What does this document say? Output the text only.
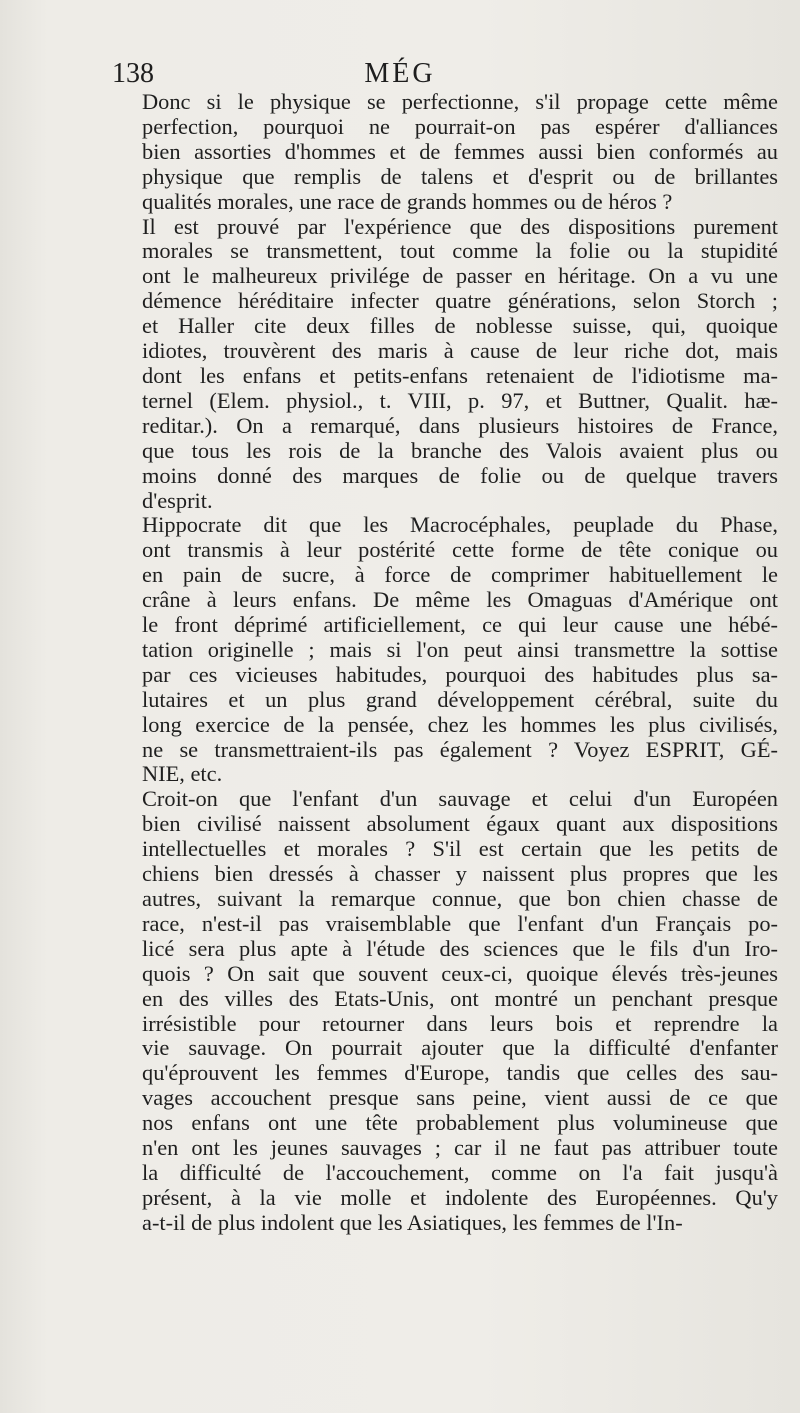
138	MÉG

Donc si le physique se perfectionne, s'il propage cette même
perfection, pourquoi ne pourrait-on pas espérer d'alliances
bien assorties d'hommes et de femmes aussi bien conformés au
physique que remplis de talens et d'esprit ou de brillantes
qualités morales, une race de grands hommes ou de héros ?

Il est prouvé par l'expérience que des dispositions purement
morales se transmettent, tout comme la folie ou la stupidité
ont le malheureux privilége de passer en héritage. On a vu une
démence héréditaire infecter quatre générations, selon Storch ;
et Haller cite deux filles de noblesse suisse, qui, quoique
idiotes, trouvèrent des maris à cause de leur riche dot, mais
dont les enfans et petits-enfans retenaient de l'idiotisme ma-
ternel (Elem. physiol., t. VIII, p. 97, et Buttner, Qualit. hæ-
reditar.). On a remarqué, dans plusieurs histoires de France,
que tous les rois de la branche des Valois avaient plus ou
moins donné des marques de folie ou de quelque travers
d'esprit.

Hippocrate dit que les Macrocéphales, peuplade du Phase,
ont transmis à leur postérité cette forme de tête conique ou
en pain de sucre, à force de comprimer habituellement le
crâne à leurs enfans. De même les Omaguas d'Amérique ont
le front déprimé artificiellement, ce qui leur cause une hébé-
tation originelle ; mais si l'on peut ainsi transmettre la sottise
par ces vicieuses habitudes, pourquoi des habitudes plus sa-
lutaires et un plus grand développement cérébral, suite du
long exercice de la pensée, chez les hommes les plus civilisés,
ne se transmettraient-ils pas également ? Voyez ESPRIT, GÉ-
NIE, etc.

Croit-on que l'enfant d'un sauvage et celui d'un Européen
bien civilisé naissent absolument égaux quant aux dispositions
intellectuelles et morales ? S'il est certain que les petits de
chiens bien dressés à chasser y naissent plus propres que les
autres, suivant la remarque connue, que bon chien chasse de
race, n'est-il pas vraisemblable que l'enfant d'un Français po-
licé sera plus apte à l'étude des sciences que le fils d'un Iro-
quois ? On sait que souvent ceux-ci, quoique élevés très-jeunes
en des villes des Etats-Unis, ont montré un penchant presque
irrésistible pour retourner dans leurs bois et reprendre la
vie sauvage. On pourrait ajouter que la difficulté d'enfanter
qu'éprouvent les femmes d'Europe, tandis que celles des sau-
vages accouchent presque sans peine, vient aussi de ce que
nos enfans ont une tête probablement plus volumineuse que
n'en ont les jeunes sauvages ; car il ne faut pas attribuer toute
la difficulté de l'accouchement, comme on l'a fait jusqu'à
présent, à la vie molle et indolente des Européennes. Qu'y
a-t-il de plus indolent que les Asiatiques, les femmes de l'In-
